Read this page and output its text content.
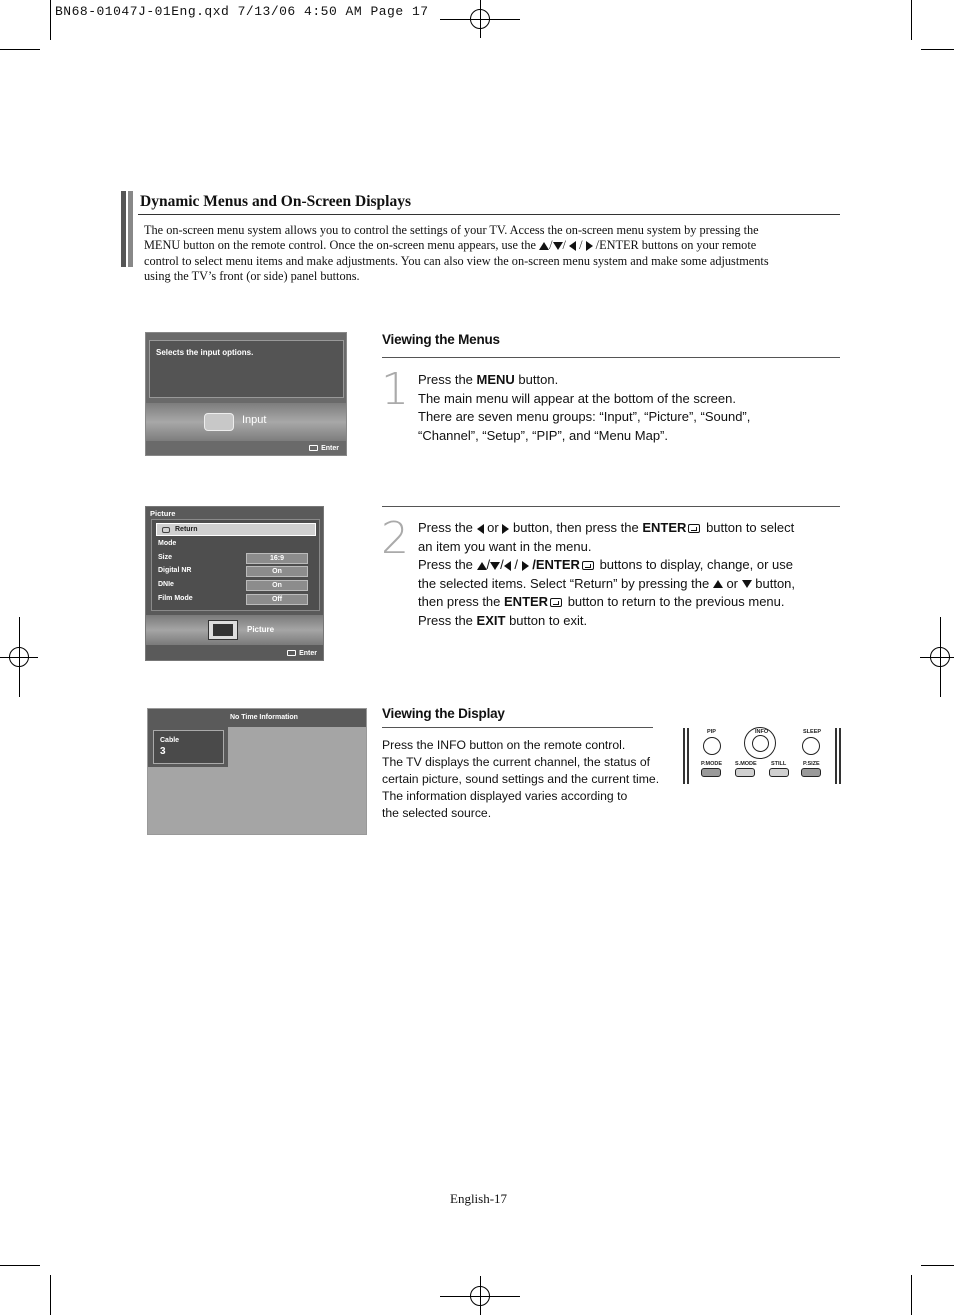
BN68-01047J-01Eng.qxd 7/13/06 4:50 AM Page 17
Dynamic Menus and On-Screen Displays
The on-screen menu system allows you to control the settings of your TV. Access the on-screen menu system by pressing the
MENU button on the remote control. Once the on-screen menu appears, use the / /  /  /ENTER buttons on your remote
control to select menu items and make adjustments. You can also view the on-screen menu system and make some adjustments
using the TV’s front (or side) panel buttons.
Viewing the Menus
1 Press the MENU button.
The main menu will appear at the bottom of the screen.
There are seven menu groups: “Input”, “Picture”, “Sound”,
“Channel”, “Setup”, “PIP”, and “Menu Map”.
2 Press the or button, then press the ENTER button to select
an item you want in the menu.
Press the / / /  /ENTER buttons to display, change, or use
the selected items. Select “Return” by pressing the or button,
then press the ENTER button to return to the previous menu.
Press the EXIT button to exit.
Selects the input options.
Input
Enter
Picture
Return
Mode
Size	16:9
Digital NR	On
DNIe	On
Film Mode	Off
Picture
Enter
Viewing the Display
Press the INFO button on the remote control.
The TV displays the current channel, the status of
certain picture, sound settings and the current time.
The information displayed varies according to
the selected source.
No Time Information
Cable
3
PIP	INFO	SLEEP
P.MODE S.MODE	STILL	P.SIZE
English-17
